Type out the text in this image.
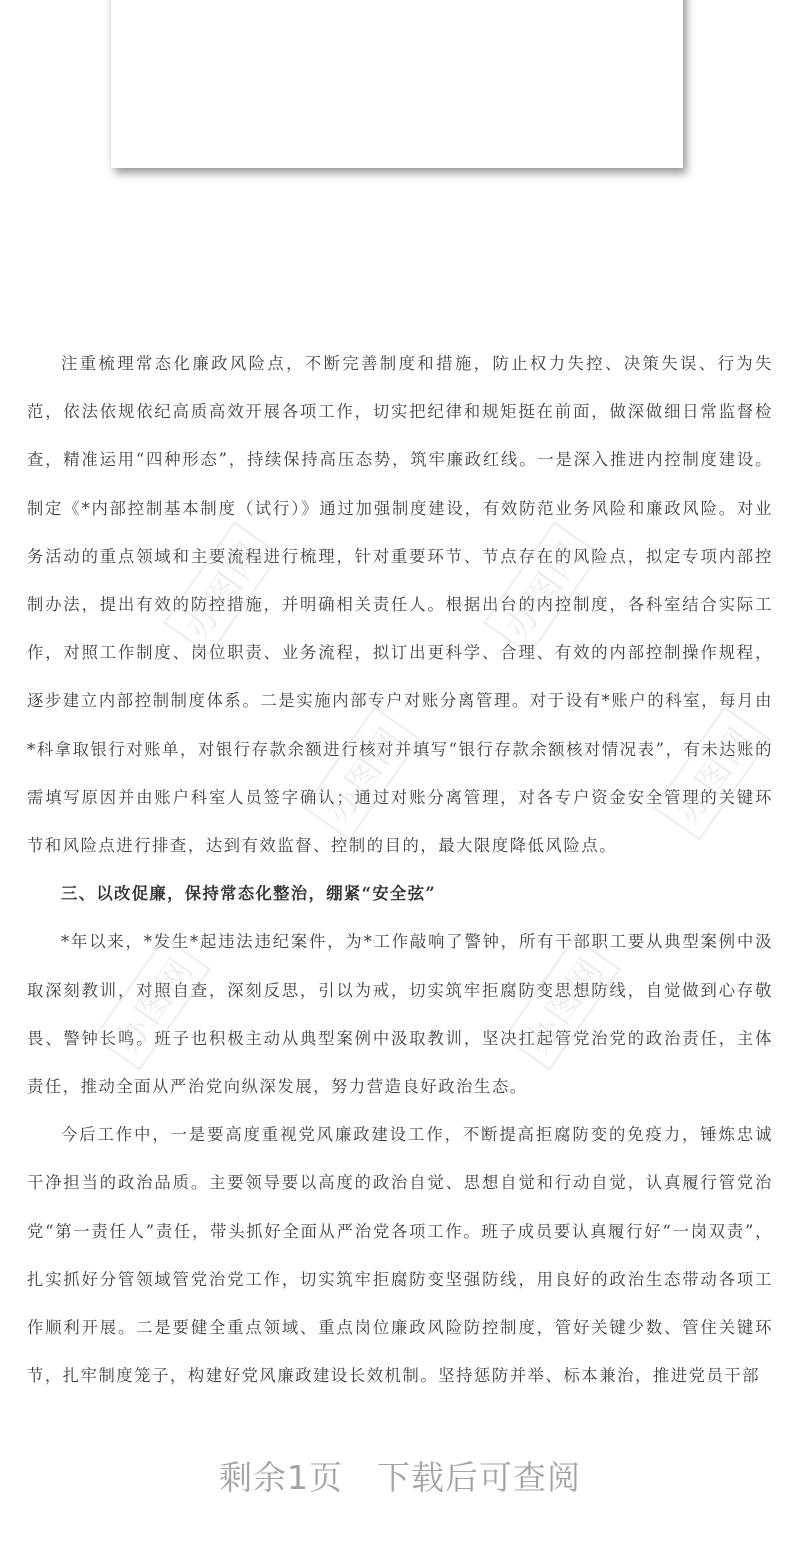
注重梳理常态化廉政风险点，不断完善制度和措施，防止权力失控、决策失误、行为失范，依法依规依纪高质高效开展各项工作，切实把纪律和规矩挺在前面，做深做细日常监督检查，精准运用“四种形态”，持续保持高压态势，筑牢廉政红线。一是深入推进内控制度建设。制定《*内部控制基本制度（试行）》通过加强制度建设，有效防范业务风险和廉政风险。对业务活动的重点领域和主要流程进行梳理，针对重要环节、节点存在的风险点，拟定专项内部控制办法，提出有效的防控措施，并明确相关责任人。根据出台的内控制度，各科室结合实际工作，对照工作制度、岗位职责、业务流程，拟订出更科学、合理、有效的内部控制操作规程，逐步建立内部控制制度体系。二是实施内部专户对账分离管理。对于设有*账户的科室，每月由*科拿取银行对账单，对银行存款余额进行核对并填写“银行存款余额核对情况表”，有未达账的需填写原因并由账户科室人员签字确认；通过对账分离管理，对各专户资金安全管理的关键环节和风险点进行排查，达到有效监督、控制的目的，最大限度降低风险点。

三、以改促廉，保持常态化整治，绷紧“安全弦”

*年以来，*发生*起违法违纪案件，为*工作敲响了警钟，所有干部职工要从典型案例中汲取深刻教训，对照自查，深刻反思，引以为戒，切实筑牢拒腐防变思想防线，自觉做到心存敬畏、警钟长鸣。班子也积极主动从典型案例中汲取教训，坚决扛起管党治党的政治责任，主体责任，推动全面从严治党向纵深发展，努力营造良好政治生态。

今后工作中，一是要高度重视党风廉政建设工作，不断提高拒腐防变的免疫力，锤炼忠诚干净担当的政治品质。主要领导要以高度的政治自觉、思想自觉和行动自觉，认真履行管党治党“第一责任人”责任，带头抓好全面从严治党各项工作。班子成员要认真履行好“一岗双责”，扎实抓好分管领域管党治党工作，切实筑牢拒腐防变坚强防线，用良好的政治生态带动各项工作顺利开展。二是要健全重点领域、重点岗位廉政风险防控制度，管好关键少数、管住关键环节，扎牢制度笼子，构建好党风廉政建设长效机制。坚持惩防并举、标本兼治，推进党员干部

办图网	办图网
办图网	办图网
办图网	办图网
剩余1页 下载后可查阅
